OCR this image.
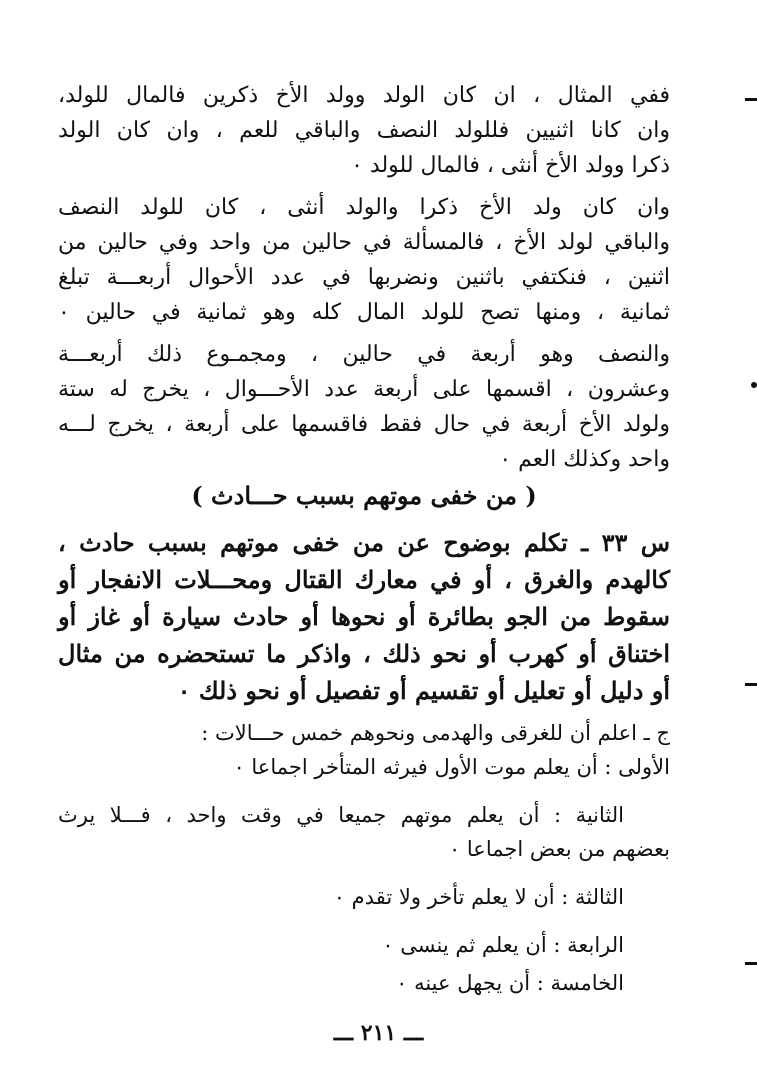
ففي المثال ، ان كان الولد وولد الأخ ذكرين فالمال للولد،
وان كانا اثنيين فللولد النصف والباقي للعم ، وان كان الولد
ذكرا وولد الأخ أنثى ، فالمال للولد ٠
وان كان ولد الأخ ذكرا والولد أنثى ، كان للولد النصف
والباقي لولد الأخ ، فالمسألة في حالين من واحد وفي حالين من
اثنين ، فنكتفي باثنين ونضربها في عدد الأحوال أربعـــة تبلغ
ثمانية ، ومنها تصح للولد المال كله وهو ثمانية في حالين ٠
والنصف وهو أربعة في حالين ، ومجمـوع ذلك أربعـــة
وعشرون ، اقسمها على أربعة عدد الأحـــوال ، يخرج له ستة
ولولد الأخ أربعة في حال فقط فاقسمها على أربعة ، يخرج لـــه
واحد وكذلك العم ٠
( من خفى موتهم بسبب حـــادث )
س ٣٣ ـ تكلم بوضوح عن من خفى موتهم بسبب حادث ،
كالهدم والغرق ، أو في معارك القتال ومحـــلات الانفجار أو
سقوط من الجو بطائرة أو نحوها أو حادث سيارة أو غاز أو
اختناق أو كهرب أو نحو ذلك ، واذكر ما تستحضره من مثال
أو دليل أو تعليل أو تقسيم أو تفصيل أو نحو ذلك ٠
ج ـ اعلم أن للغرقى والهدمى ونحوهم خمس حـــالات :
الأولى : أن يعلم موت الأول فيرثه المتأخر اجماعا ٠
الثانية : أن يعلم موتهم جميعا في وقت واحد ، فـــلا يرث
بعضهم من بعض اجماعا ٠
الثالثة : أن لا يعلم تأخر ولا تقدم ٠
الرابعة : أن يعلم ثم ينسى ٠
الخامسة : أن يجهل عينه ٠
ـــ ٢١١ ـــ
